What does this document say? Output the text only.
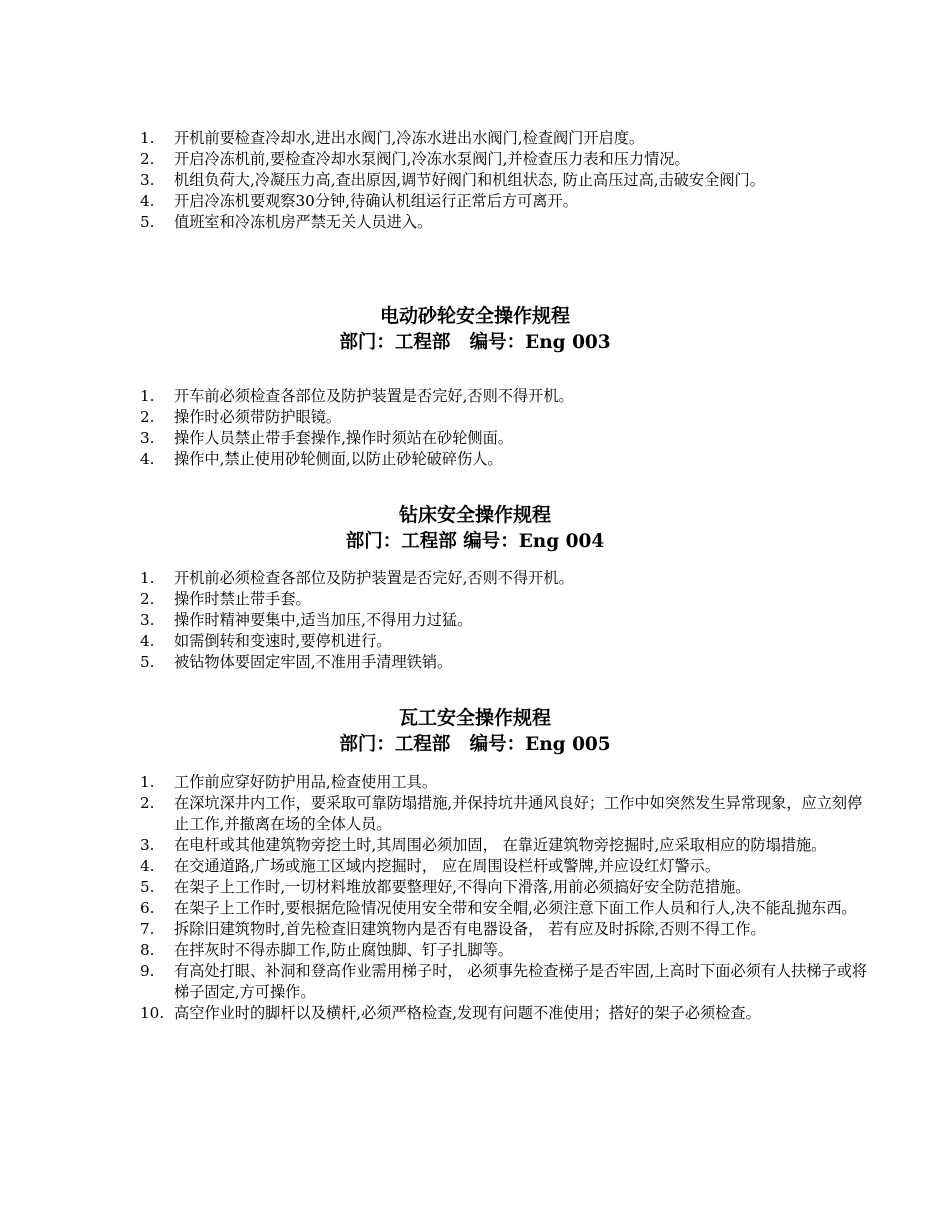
1.	开机前要检查冷却水,进出水阀门,冷冻水进出水阀门,检查阀门开启度。
2.	开启冷冻机前,要检查冷却水泵阀门,冷冻水泵阀门,并检查压力表和压力情况。
3.	机组负荷大,冷凝压力高,查出原因,调节好阀门和机组状态, 防止高压过高,击破安全阀门。
4.	开启冷冻机要观察30分钟,待确认机组运行正常后方可离开。
5.	值班室和冷冻机房严禁无关人员进入。
电动砂轮安全操作规程
部门：工程部   编号：Eng 003
1.	开车前必须检查各部位及防护装置是否完好,否则不得开机。
2.	操作时必须带防护眼镜。
3.	操作人员禁止带手套操作,操作时须站在砂轮侧面。
4.	操作中,禁止使用砂轮侧面,以防止砂轮破碎伤人。
钻床安全操作规程
部门：工程部 编号：Eng 004
1.	开机前必须检查各部位及防护装置是否完好,否则不得开机。
2.	操作时禁止带手套。
3.	操作时精神要集中,适当加压,不得用力过猛。
4.	如需倒转和变速时,要停机进行。
5.	被钻物体要固定牢固,不准用手清理铁销。
瓦工安全操作规程
部门：工程部   编号：Eng 005
1.	工作前应穿好防护用品,检查使用工具。
2.	在深坑深井内工作，要采取可靠防塌措施,并保持坑井通风良好；工作中如突然发生异常现象，应立刻停止工作,并撤离在场的全体人员。
3.	在电杆或其他建筑物旁挖土时,其周围必须加固， 在靠近建筑物旁挖掘时,应采取相应的防塌措施。
4.	在交通道路,广场或施工区域内挖掘时， 应在周围设栏杆或警牌,并应设红灯警示。
5.	在架子上工作时,一切材料堆放都要整理好,不得向下滑落,用前必须搞好安全防范措施。
6.	在架子上工作时,要根据危险情况使用安全带和安全帽,必须注意下面工作人员和行人,决不能乱抛东西。
7.	拆除旧建筑物时,首先检查旧建筑物内是否有电器设备， 若有应及时拆除,否则不得工作。
8.	在拌灰时不得赤脚工作,防止腐蚀脚、钉子扎脚等。
9.	有高处打眼、补洞和登高作业需用梯子时， 必须事先检查梯子是否牢固,上高时下面必须有人扶梯子或将梯子固定,方可操作。
10. 高空作业时的脚杆以及横杆,必须严格检查,发现有问题不准使用；搭好的架子必须检查。
